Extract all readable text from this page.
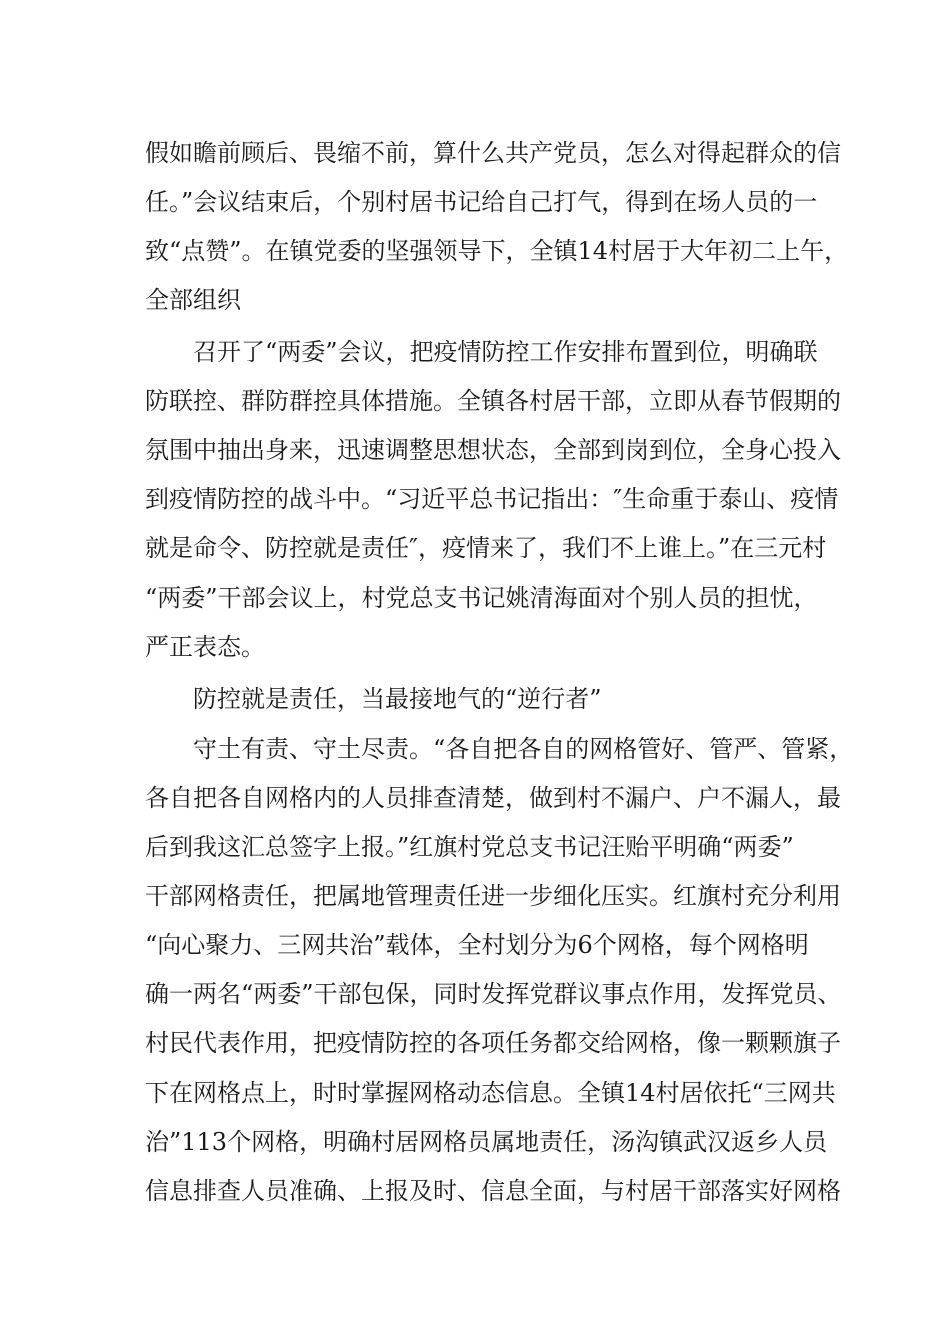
假如瞻前顾后、畏缩不前，算什么共产党员，怎么对得起群众的信

任。”会议结束后，个别村居书记给自己打气，得到在场人员的一

致“点赞”。在镇党委的坚强领导下，全镇14村居于大年初二上午，

全部组织

召开了“两委”会议，把疫情防控工作安排布置到位，明确联

防联控、群防群控具体措施。全镇各村居干部，立即从春节假期的

氛围中抽出身来，迅速调整思想状态，全部到岗到位，全身心投入

到疫情防控的战斗中。“习近平总书记指出：″生命重于泰山、疫情

就是命令、防控就是责任″，疫情来了，我们不上谁上。”在三元村

“两委”干部会议上，村党总支书记姚清海面对个别人员的担忧，

严正表态。

防控就是责任，当最接地气的“逆行者”

守土有责、守土尽责。“各自把各自的网格管好、管严、管紧，

各自把各自网格内的人员排查清楚，做到村不漏户、户不漏人，最

后到我这汇总签字上报。”红旗村党总支书记汪贻平明确“两委”

干部网格责任，把属地管理责任进一步细化压实。红旗村充分利用

“向心聚力、三网共治”载体，全村划分为6个网格，每个网格明

确一两名“两委”干部包保，同时发挥党群议事点作用，发挥党员、

村民代表作用，把疫情防控的各项任务都交给网格，像一颗颗旗子

下在网格点上，时时掌握网格动态信息。全镇14村居依托“三网共

治”113个网格，明确村居网格员属地责任，汤沟镇武汉返乡人员

信息排查人员准确、上报及时、信息全面，与村居干部落实好网格
